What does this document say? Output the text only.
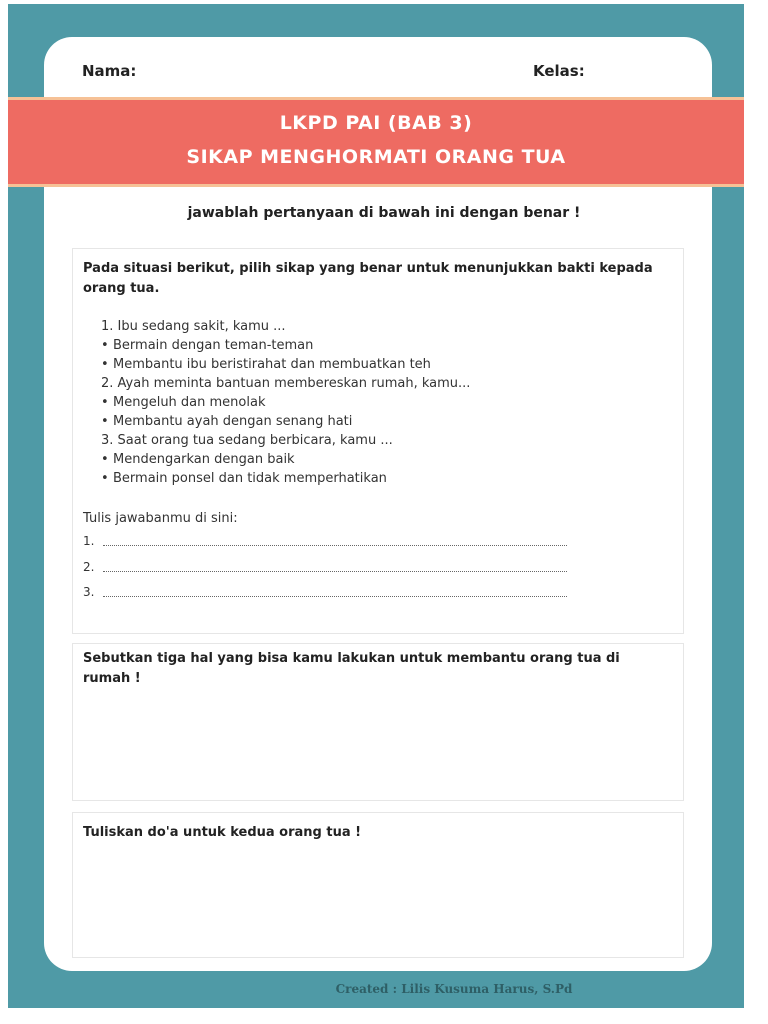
Nama:	Kelas:
LKPD PAI (BAB 3)
SIKAP MENGHORMATI ORANG TUA
jawablah pertanyaan di bawah ini dengan benar !
Pada situasi berikut, pilih sikap yang benar untuk menunjukkan bakti kepada orang tua.
1. Ibu sedang sakit, kamu ...
• Bermain dengan teman-teman
• Membantu ibu beristirahat dan membuatkan teh
2. Ayah meminta bantuan membereskan rumah, kamu...
• Mengeluh dan menolak
• Membantu ayah dengan senang hati
3. Saat orang tua sedang berbicara, kamu ...
• Mendengarkan dengan baik
• Bermain ponsel dan tidak memperhatikan
Tulis jawabanmu di sini:
1.
2.
3.
Sebutkan tiga hal yang bisa kamu lakukan untuk membantu orang tua di rumah !
Tuliskan do'a untuk kedua orang tua !
Created : Lilis Kusuma Harus, S.Pd
